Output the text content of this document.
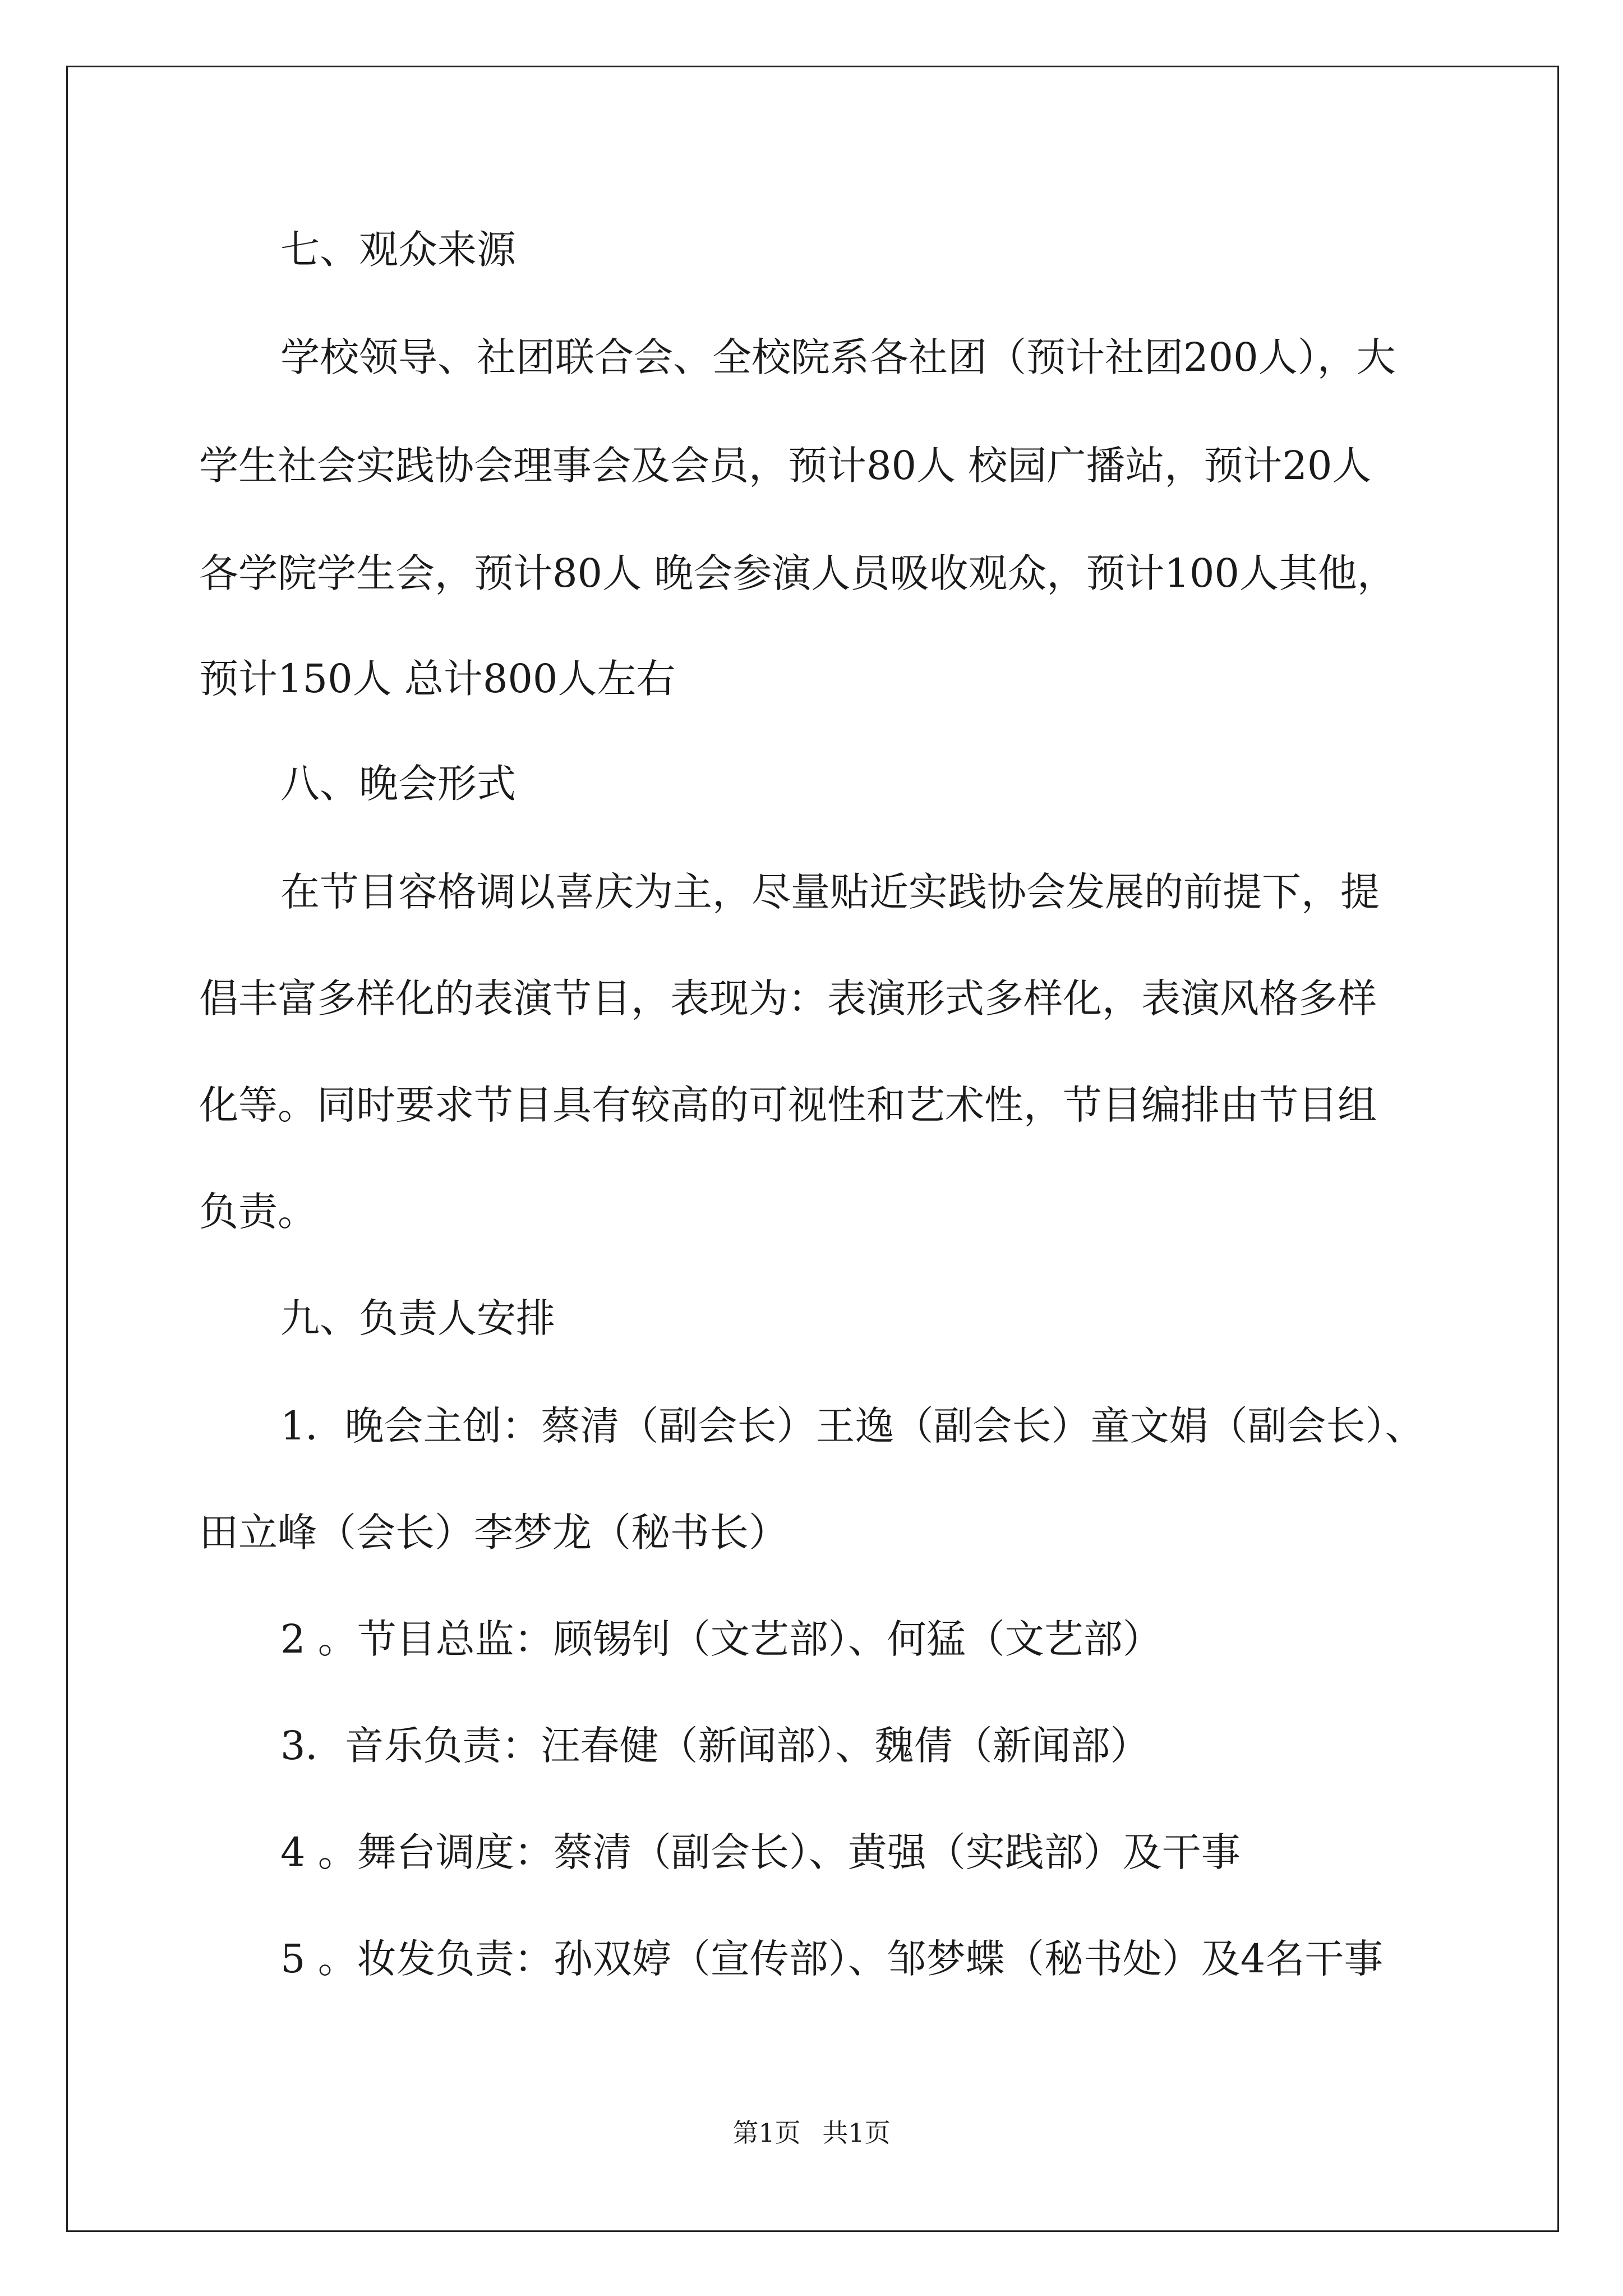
七、观众来源
学校领导、社团联合会、全校院系各社团（预计社团200人），大
学生社会实践协会理事会及会员，预计80人 校园广播站，预计20人
各学院学生会，预计80人 晚会参演人员吸收观众，预计100人其他，
预计150人 总计800人左右
八、晚会形式
在节目容格调以喜庆为主，尽量贴近实践协会发展的前提下，提
倡丰富多样化的表演节目，表现为：表演形式多样化，表演风格多样
化等。同时要求节目具有较高的可视性和艺术性，节目编排由节目组
负责。
九、负责人安排
1．晚会主创：蔡清（副会长）王逸（副会长）童文娟（副会长）、
田立峰（会长）李梦龙（秘书长）
2 。节目总监：顾锡钊（文艺部）、何猛（文艺部）
3．音乐负责：汪春健（新闻部）、魏倩（新闻部）
4 。舞台调度：蔡清（副会长）、黄强（实践部）及干事
5 。妆发负责：孙双婷（宣传部）、邹梦蝶（秘书处）及4名干事
第1页 共1页
